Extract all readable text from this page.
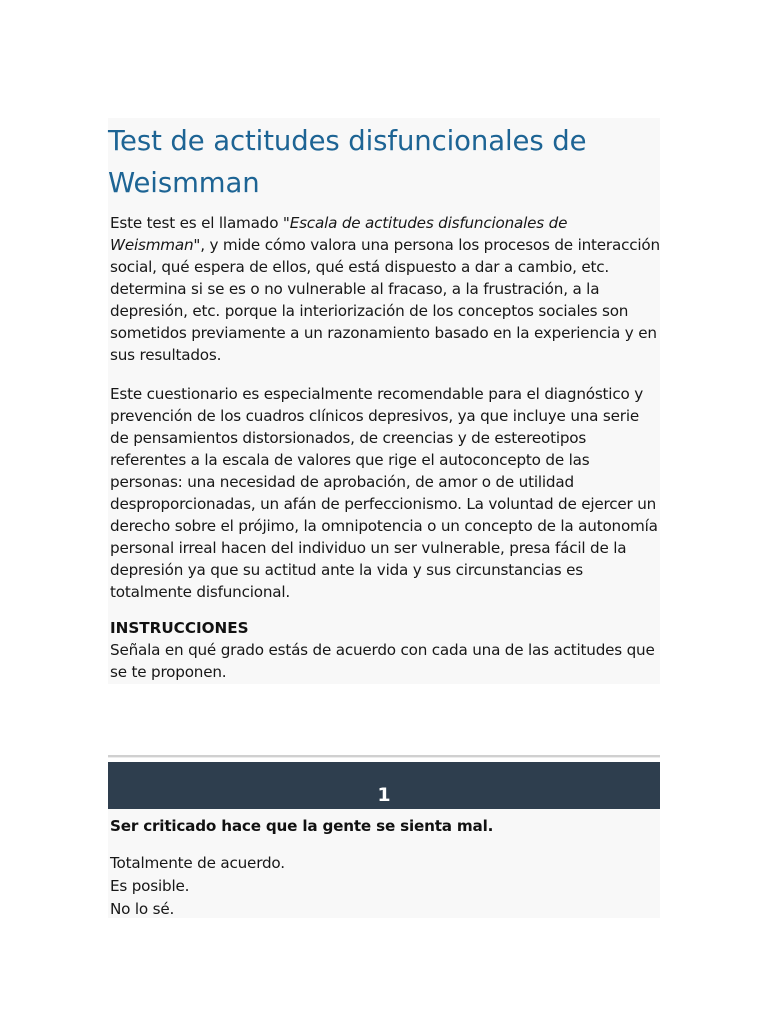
Test de actitudes disfuncionales de Weismman

Este test es el llamado "Escala de actitudes disfuncionales de Weismman", y mide cómo valora una persona los procesos de interacción social, qué espera de ellos, qué está dispuesto a dar a cambio, etc. determina si se es o no vulnerable al fracaso, a la frustración, a la depresión, etc. porque la interiorización de los conceptos sociales son sometidos previamente a un razonamiento basado en la experiencia y en sus resultados.

Este cuestionario es especialmente recomendable para el diagnóstico y prevención de los cuadros clínicos depresivos, ya que incluye una serie de pensamientos distorsionados, de creencias y de estereotipos referentes a la escala de valores que rige el autoconcepto de las personas: una necesidad de aprobación, de amor o de utilidad desproporcionadas, un afán de perfeccionismo. La voluntad de ejercer un derecho sobre el prójimo, la omnipotencia o un concepto de la autonomía personal irreal hacen del individuo un ser vulnerable, presa fácil de la depresión ya que su actitud ante la vida y sus circunstancias es totalmente disfuncional.

INSTRUCCIONES

Señala en qué grado estás de acuerdo con cada una de las actitudes que se te proponen.

1

Ser criticado hace que la gente se sienta mal.

Totalmente de acuerdo.
Es posible.
No lo sé.
